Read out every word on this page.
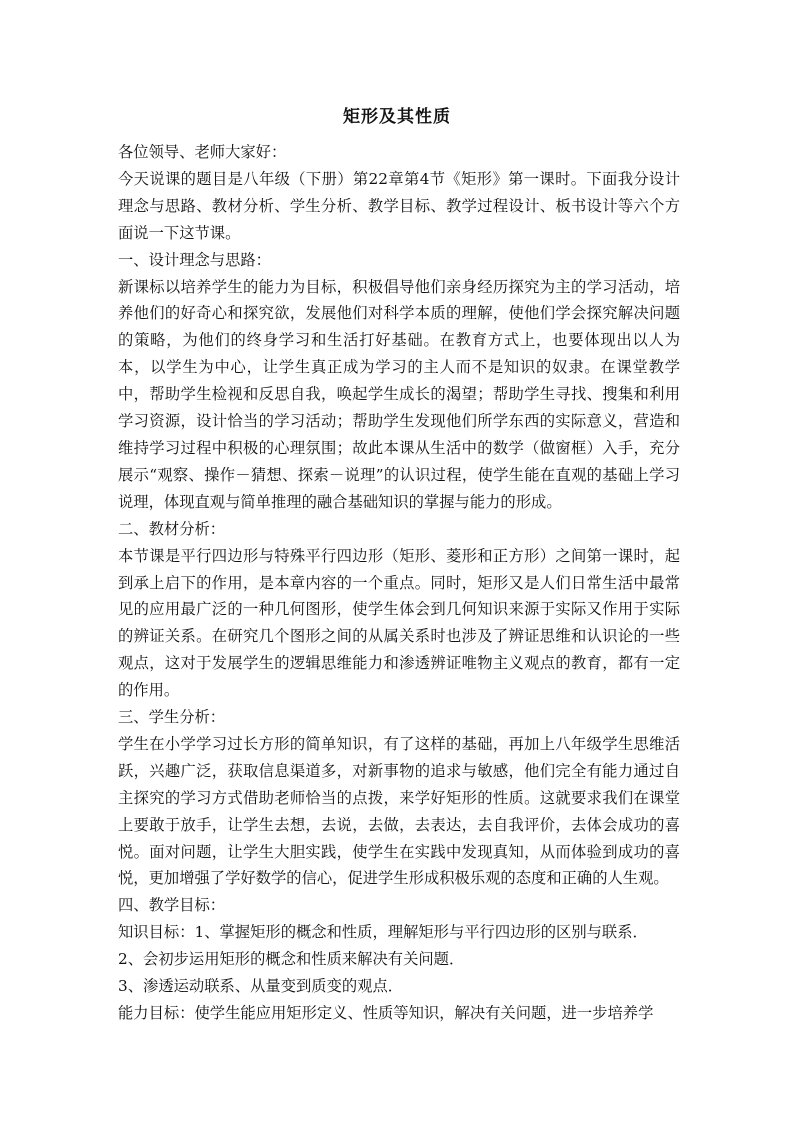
矩形及其性质

各位领导、老师大家好：

今天说课的题目是八年级（下册）第22章第4节《矩形》第一课时。下面我分设计理念与思路、教材分析、学生分析、教学目标、教学过程设计、板书设计等六个方面说一下这节课。

一、设计理念与思路：

新课标以培养学生的能力为目标，积极倡导他们亲身经历探究为主的学习活动，培养他们的好奇心和探究欲，发展他们对科学本质的理解，使他们学会探究解决问题的策略，为他们的终身学习和生活打好基础。在教育方式上，也要体现出以人为本，以学生为中心，让学生真正成为学习的主人而不是知识的奴隶。在课堂教学中，帮助学生检视和反思自我，唤起学生成长的渴望；帮助学生寻找、搜集和利用学习资源，设计恰当的学习活动；帮助学生发现他们所学东西的实际意义，营造和维持学习过程中积极的心理氛围；故此本课从生活中的数学（做窗框）入手，充分展示“观察、操作－猜想、探索－说理”的认识过程，使学生能在直观的基础上学习说理，体现直观与简单推理的融合基础知识的掌握与能力的形成。

二、教材分析：

本节课是平行四边形与特殊平行四边形（矩形、菱形和正方形）之间第一课时，起到承上启下的作用，是本章内容的一个重点。同时，矩形又是人们日常生活中最常见的应用最广泛的一种几何图形，使学生体会到几何知识来源于实际又作用于实际的辨证关系。在研究几个图形之间的从属关系时也涉及了辨证思维和认识论的一些观点，这对于发展学生的逻辑思维能力和渗透辨证唯物主义观点的教育，都有一定的作用。

三、学生分析：

学生在小学学习过长方形的简单知识，有了这样的基础，再加上八年级学生思维活跃，兴趣广泛，获取信息渠道多，对新事物的追求与敏感，他们完全有能力通过自主探究的学习方式借助老师恰当的点拨，来学好矩形的性质。这就要求我们在课堂上要敢于放手，让学生去想，去说，去做，去表达，去自我评价，去体会成功的喜悦。面对问题，让学生大胆实践，使学生在实践中发现真知，从而体验到成功的喜悦，更加增强了学好数学的信心，促进学生形成积极乐观的态度和正确的人生观。

四、教学目标：

知识目标：1、掌握矩形的概念和性质，理解矩形与平行四边形的区别与联系．

2、会初步运用矩形的概念和性质来解决有关问题．

3、渗透运动联系、从量变到质变的观点．

能力目标：使学生能应用矩形定义、性质等知识，解决有关问题，进一步培养学
